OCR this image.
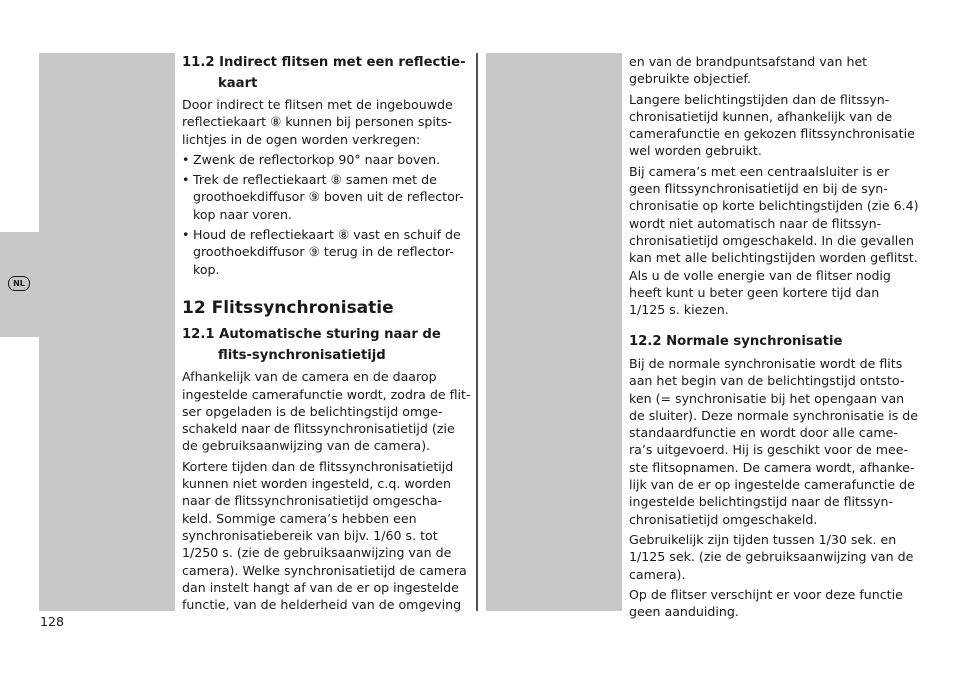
NL
11.2 Indirect flitsen met een reflectie-kaart

Door indirect te flitsen met de ingebouwde reflectiekaart ⑧ kunnen bij personen spits-lichtjes in de ogen worden verkregen:

• Zwenk de reflectorkop 90° naar boven.
• Trek de reflectiekaart ⑧ samen met de groothoekdiffusor ⑨ boven uit de reflector-kop naar voren.
• Houd de reflectiekaart ⑧ vast en schuif de groothoekdiffusor ⑨ terug in de reflector-kop.
12 Flitssynchronisatie
12.1 Automatische sturing naar de flits-synchronisatietijd

Afhankelijk van de camera en de daarop ingestelde camerafunctie wordt, zodra de flit-ser opgeladen is de belichtingstijd omge-schakeld naar de flitssynchronisatietijd (zie de gebruiksaanwijzing van de camera).

Kortere tijden dan de flitssynchronisatietijd kunnen niet worden ingesteld, c.q. worden naar de flitssynchronisatietijd omgescha-keld. Sommige camera’s hebben een synchronisatiebereik van bijv. 1/60 s. tot 1/250 s. (zie de gebruiksaanwijzing van de camera). Welke synchronisatietijd de camera dan instelt hangt af van de er op ingestelde functie, van de helderheid van de omgeving

en van de brandpuntsafstand van het gebruikte objectief.

Langere belichtingstijden dan de flitssyn-chronisatietijd kunnen, afhankelijk van de camerafunctie en gekozen flitssynchronisatie wel worden gebruikt.

Bij camera’s met een centraalsluiter is er geen flitssynchronisatietijd en bij de syn-chronisatie op korte belichtingstijden (zie 6.4) wordt niet automatisch naar de flitssyn-chronisatietijd omgeschakeld. In die gevallen kan met alle belichtingstijden worden geflitst. Als u de volle energie van de flitser nodig heeft kunt u beter geen kortere tijd dan 1/125 s. kiezen.

12.2 Normale synchronisatie

Bij de normale synchronisatie wordt de flits aan het begin van de belichtingstijd ontsto-ken (= synchronisatie bij het opengaan van de sluiter). Deze normale synchronisatie is de standaardfunctie en wordt door alle came-ra’s uitgevoerd. Hij is geschikt voor de mee-ste flitsopnamen. De camera wordt, afhanke-lijk van de er op ingestelde camerafunctie de ingestelde belichtingstijd naar de flitssyn-chronisatietijd omgeschakeld.

Gebruikelijk zijn tijden tussen 1/30 sek. en 1/125 sek. (zie de gebruiksaanwijzing van de camera).

Op de flitser verschijnt er voor deze functie geen aanduiding.

128
